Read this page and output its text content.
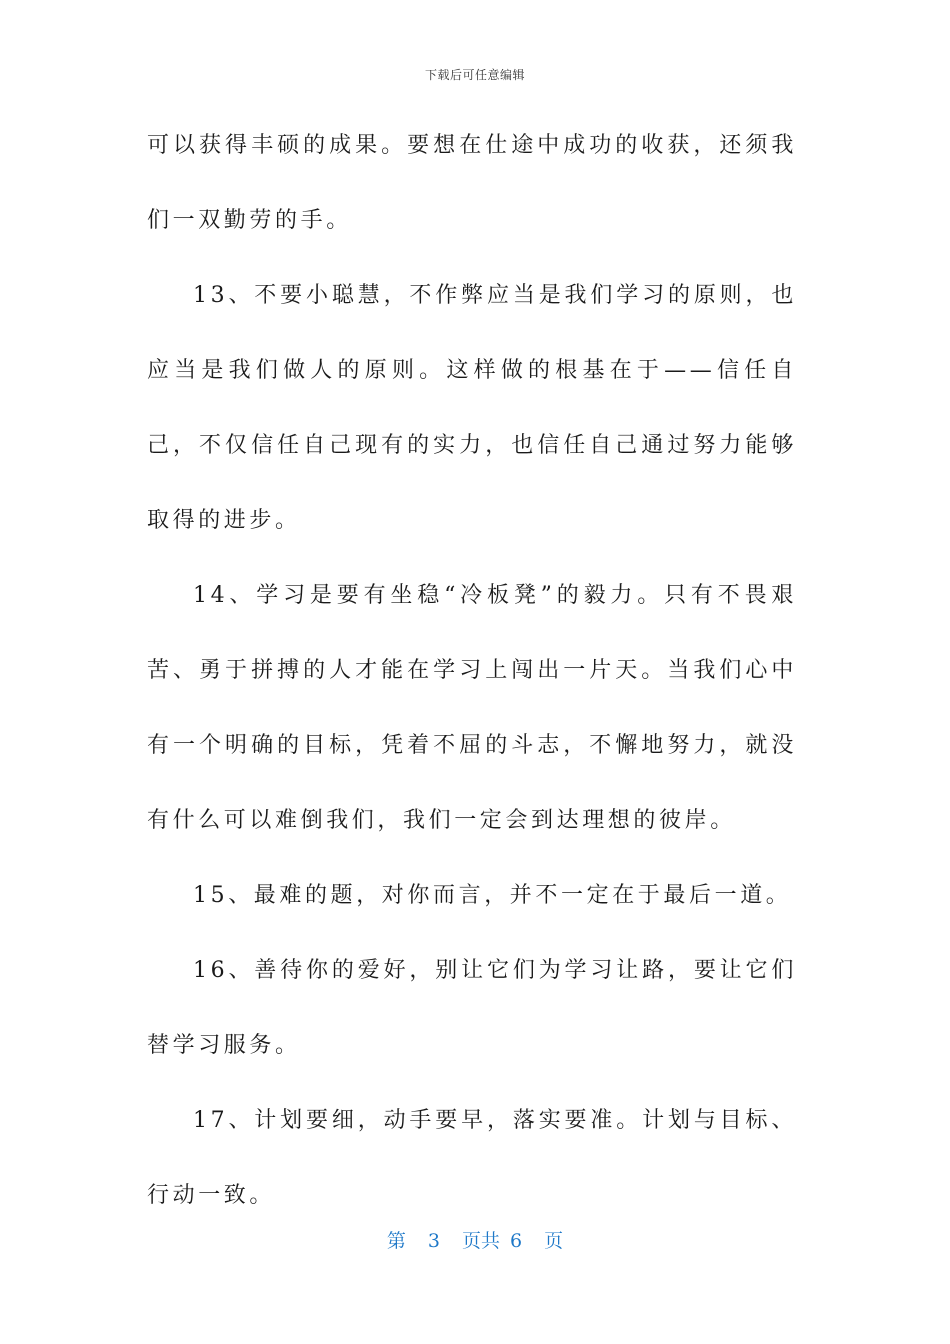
下载后可任意编辑

可以获得丰硕的成果。要想在仕途中成功的收获，还须我们一双勤劳的手。

13、不要小聪慧，不作弊应当是我们学习的原则，也应当是我们做人的原则。这样做的根基在于——信任自己，不仅信任自己现有的实力，也信任自己通过努力能够取得的进步。

14、学习是要有坐稳“冷板凳”的毅力。只有不畏艰苦、勇于拼搏的人才能在学习上闯出一片天。当我们心中有一个明确的目标，凭着不屈的斗志，不懈地努力，就没有什么可以难倒我们，我们一定会到达理想的彼岸。

15、最难的题，对你而言，并不一定在于最后一道。

16、善待你的爱好，别让它们为学习让路，要让它们替学习服务。

17、计划要细，动手要早，落实要准。计划与目标、行动一致。

第 3 页共 6 页
